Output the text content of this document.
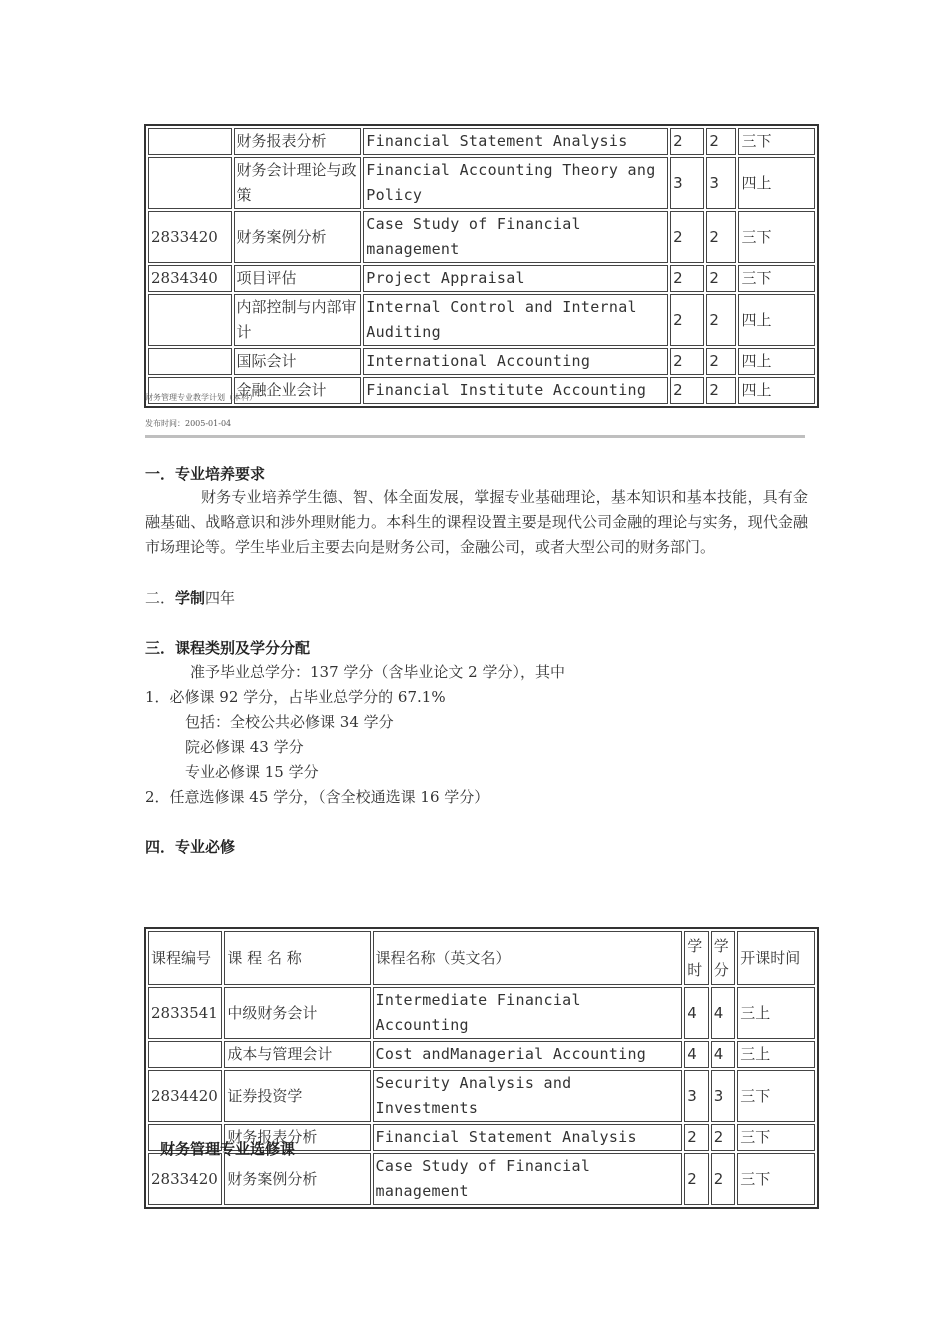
	财务报表分析	Financial Statement Analysis	2	2	三下
	财务会计理论与政策	Financial Accounting Theory ang Policy	3	3	四上
2833420	财务案例分析	Case Study of Financial management	2	2	三下
2834340	项目评估	Project Appraisal	2	2	三下
	内部控制与内部审计	Internal Control and Internal Auditing	2	2	四上
	国际会计	International Accounting	2	2	四上
	金融企业会计	Financial Institute Accounting	2	2	四上
财务管理专业教学计划（本科）
发布时间：2005-01-04
一．专业培养要求
财务专业培养学生德、智、体全面发展，掌握专业基础理论，基本知识和基本技能，具有金融基础、战略意识和涉外理财能力。本科生的课程设置主要是现代公司金融的理论与实务，现代金融市场理论等。学生毕业后主要去向是财务公司，金融公司，或者大型公司的财务部门。
二．学制四年
三．课程类别及学分分配
准予毕业总学分：137 学分（含毕业论文 2 学分），其中
1．必修课 92 学分，占毕业总学分的 67.1%
包括：全校公共必修课 34 学分
院必修课 43 学分
专业必修课 15 学分
2．任意选修课 45 学分，（含全校通选课 16 学分）
四．专业必修
课程编号	课 程 名 称	课程名称（英文名）	学时	学分	开课时间
2833541	中级财务会计	Intermediate Financial Accounting	4	4	三上
	成本与管理会计	Cost andManagerial Accounting	4	4	三上
2834420	证券投资学	Security Analysis and Investments	3	3	三下
	财务报表分析	Financial Statement Analysis	2	2	三下
2833420	财务案例分析	Case Study of Financial management	2	2	三下
财务管理专业选修课
